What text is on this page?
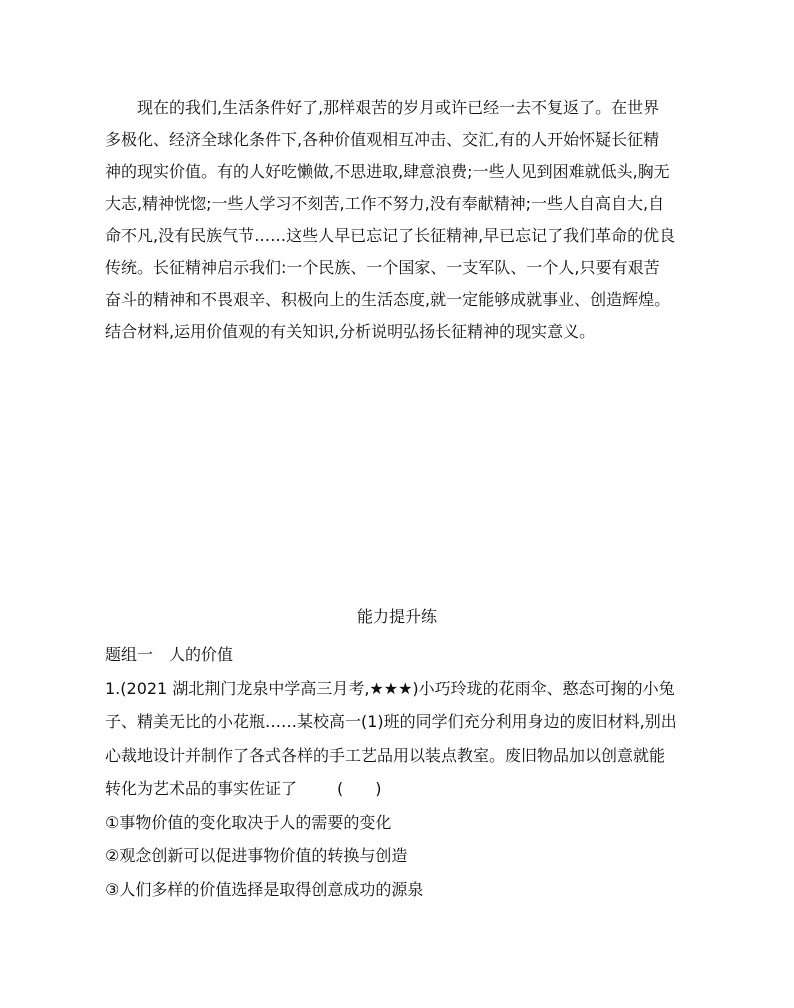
现在的我们,生活条件好了,那样艰苦的岁月或许已经一去不复返了。在世界
多极化、经济全球化条件下,各种价值观相互冲击、交汇,有的人开始怀疑长征精
神的现实价值。有的人好吃懒做,不思进取,肆意浪费;一些人见到困难就低头,胸无
大志,精神恍惚;一些人学习不刻苦,工作不努力,没有奉献精神;一些人自高自大,自
命不凡,没有民族气节……这些人早已忘记了长征精神,早已忘记了我们革命的优良
传统。长征精神启示我们:一个民族、一个国家、一支军队、一个人,只要有艰苦
奋斗的精神和不畏艰辛、积极向上的生活态度,就一定能够成就事业、创造辉煌。
结合材料,运用价值观的有关知识,分析说明弘扬长征精神的现实意义。
能力提升练
题组一　人的价值
1.(2021 湖北荆门龙泉中学高三月考,★★★)小巧玲珑的花雨伞、憨态可掬的小兔
子、精美无比的小花瓶……某校高一(1)班的同学们充分利用身边的废旧材料,别出
心裁地设计并制作了各式各样的手工艺品用以装点教室。废旧物品加以创意就能
转化为艺术品的事实佐证了	(　　)
①事物价值的变化取决于人的需要的变化
②观念创新可以促进事物价值的转换与创造
③人们多样的价值选择是取得创意成功的源泉
